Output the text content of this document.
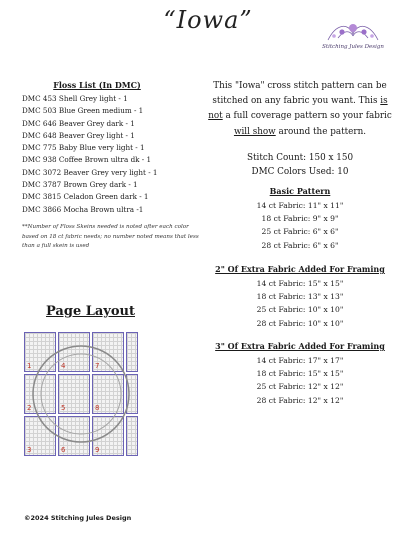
“Iowa”
Stitching Jules Design
Floss List (In DMC)
DMC 453 Shell Grey light - 1
DMC 503 Blue Green medium - 1
DMC 646 Beaver Grey dark - 1
DMC 648 Beaver Grey light - 1
DMC 775 Baby Blue very light - 1
DMC 938 Coffee Brown ultra dk - 1
DMC 3072 Beaver Grey very light - 1
DMC 3787 Brown Grey dark - 1
DMC 3815 Celadon Green dark - 1
DMC 3866 Mocha Brown ultra -1
**Number of Floss Skeins needed is noted after each color based on 18 ct fabric needs; no number noted means that less than a full skein is used
This "Iowa" cross stitch pattern can be stitched on any fabric you want. This is not a full coverage pattern so your fabric will show around the pattern.
Stitch Count: 150 x 150
DMC Colors Used: 10
Basic Pattern
14 ct Fabric: 11" x 11"
18 ct Fabric: 9" x 9"
25 ct Fabric: 6" x 6"
28 ct Fabric: 6" x 6"
2" Of Extra Fabric Added For Framing
14 ct Fabric: 15" x 15"
18 ct Fabric: 13" x 13"
25 ct Fabric: 10" x 10"
28 ct Fabric: 10" x 10"
3" Of Extra Fabric Added For Framing
14 ct Fabric: 17" x 17"
18 ct Fabric: 15" x 15"
25 ct Fabric: 12" x 12"
28 ct Fabric: 12" x 12"
Page Layout
1	4	7
2	5	8
3	6	9
©2024 Stitching Jules Design
